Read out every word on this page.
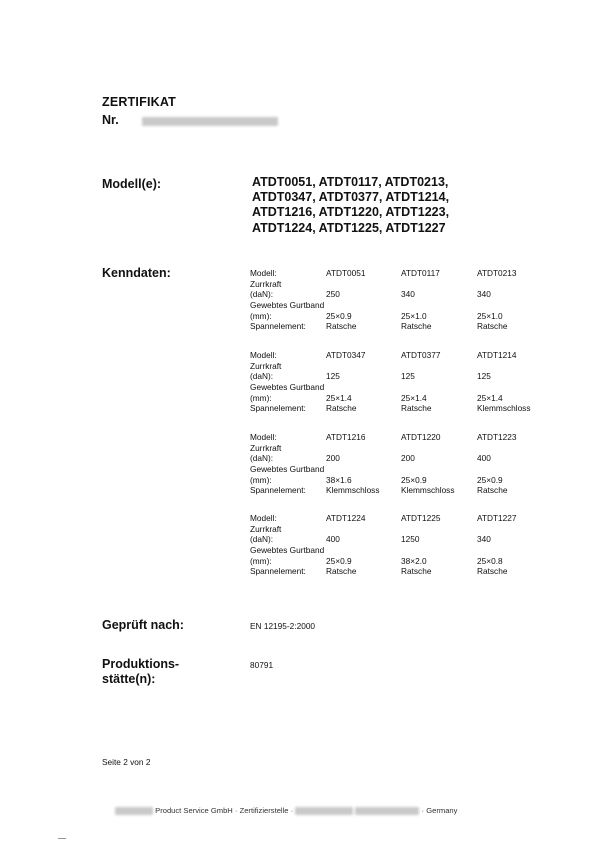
ZERTIFIKAT
Nr.
Modell(e):	ATDT0051, ATDT0117, ATDT0213,
ATDT0347, ATDT0377, ATDT1214,
ATDT1216, ATDT1220, ATDT1223,
ATDT1224, ATDT1225, ATDT1227
Kenndaten:	Modell:	ATDT0051	ATDT0117	ATDT0213
Zurrkraft
(daN):	250	340	340
Gewebtes Gurtband
(mm):	25×0.9	25×1.0	25×1.0
Spannelement: Ratsche	Ratsche	Ratsche
Modell:	ATDT0347	ATDT0377	ATDT1214
Zurrkraft
(daN):	125	125	125
Gewebtes Gurtband
(mm):	25×1.4	25×1.4	25×1.4
Spannelement: Ratsche	Ratsche	Klemmschloss
Modell:	ATDT1216	ATDT1220	ATDT1223
Zurrkraft
(daN):	200	200	400
Gewebtes Gurtband
(mm):	38×1.6	25×0.9	25×0.9
Spannelement: Klemmschloss	Klemmschloss	Ratsche
Modell:	ATDT1224	ATDT1225	ATDT1227
Zurrkraft
(daN):	400	1250	340
Gewebtes Gurtband
(mm):	25×0.9	38×2.0	25×0.8
Spannelement: Ratsche	Ratsche	Ratsche
Geprüft nach:	EN 12195-2:2000
Produktions-
stätte(n):
80791
Seite 2 von 2
Product Service GmbH · Zertifizierstelle ·	· Germany
